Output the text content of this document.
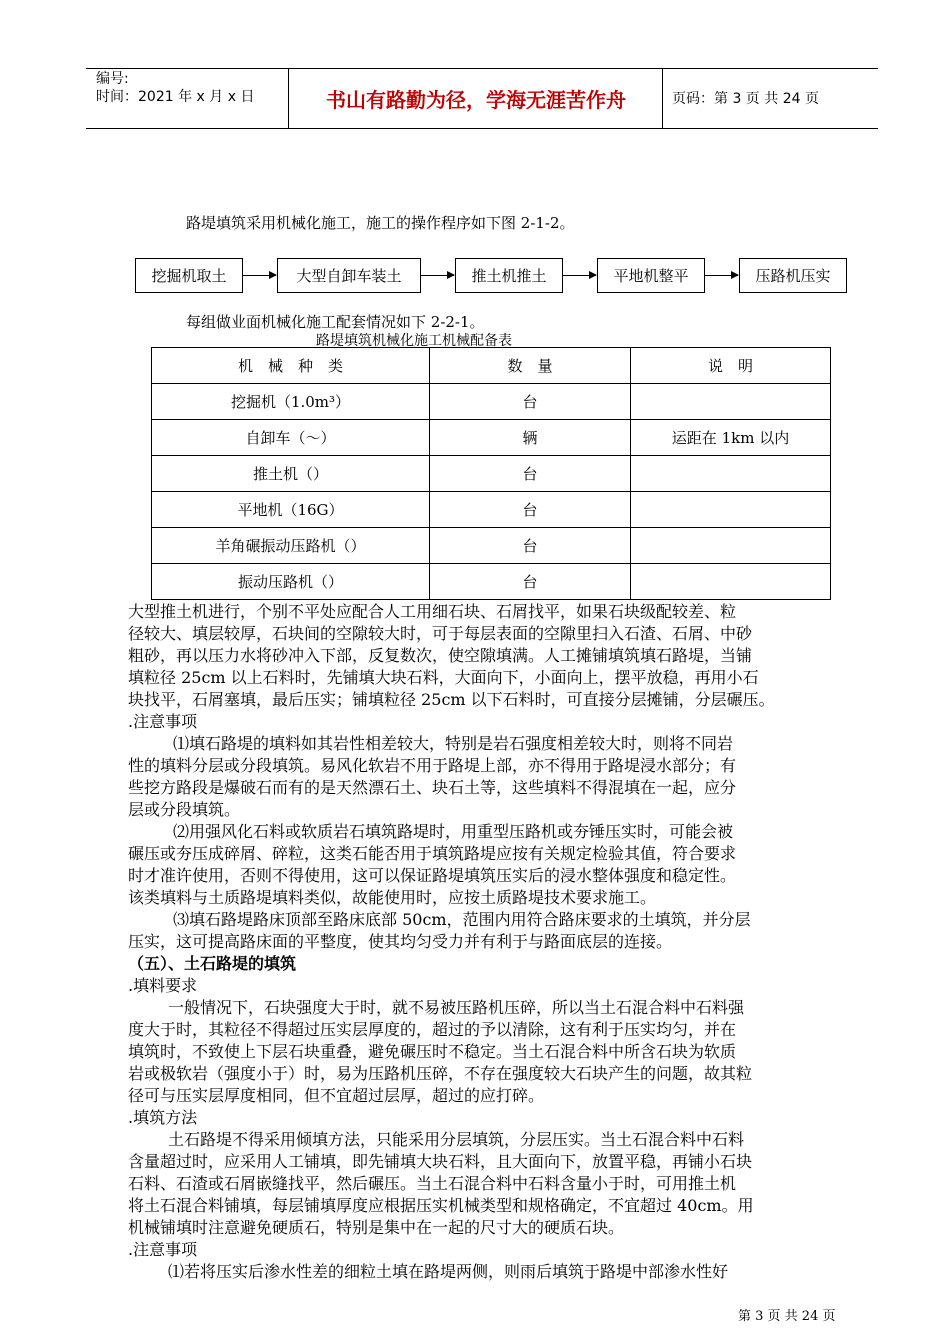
编号:
时间：2021 年 x 月 x 日	书山有路勤为径，学海无涯苦作舟	页码：第 3 页 共 24 页
路堤填筑采用机械化施工，施工的操作程序如下图 2-1-2。
挖掘机取土	大型自卸车装土	推土机推土	平地机整平	压路机压实
每组做业面机械化施工配套情况如下 2-2-1。
路堤填筑机械化施工机械配备表
机　械　种　类	数　量	说　明
挖掘机（1.0m³）	台	
自卸车（～）	辆	运距在 1km 以内
推土机（）	台	
平地机（16G）	台	
羊角碾振动压路机（）	台	
振动压路机（）	台	
大型推土机进行，个别不平处应配合人工用细石块、石屑找平，如果石块级配较差、粒
径较大、填层较厚，石块间的空隙较大时，可于每层表面的空隙里扫入石渣、石屑、中砂
粗砂，再以压力水将砂冲入下部，反复数次，使空隙填满。人工摊铺填筑填石路堤，当铺
填粒径 25cm 以上石料时，先铺填大块石料，大面向下，小面向上，摆平放稳，再用小石
块找平，石屑塞填，最后压实；铺填粒径 25cm 以下石料时，可直接分层摊铺，分层碾压。
.注意事项
⑴填石路堤的填料如其岩性相差较大，特别是岩石强度相差较大时，则将不同岩
性的填料分层或分段填筑。易风化软岩不用于路堤上部，亦不得用于路堤浸水部分；有
些挖方路段是爆破石而有的是天然漂石土、块石土等，这些填料不得混填在一起，应分
层或分段填筑。
⑵用强风化石料或软质岩石填筑路堤时，用重型压路机或夯锤压实时，可能会被
碾压或夯压成碎屑、碎粒，这类石能否用于填筑路堤应按有关规定检验其值，符合要求
时才准许使用，否则不得使用，这可以保证路堤填筑压实后的浸水整体强度和稳定性。
该类填料与土质路堤填料类似，故能使用时，应按土质路堤技术要求施工。
⑶填石路堤路床顶部至路床底部 50cm，范围内用符合路床要求的土填筑，并分层
压实，这可提高路床面的平整度，使其均匀受力并有利于与路面底层的连接。
（五）、土石路堤的填筑
.填料要求
一般情况下，石块强度大于时，就不易被压路机压碎，所以当土石混合料中石料强
度大于时，其粒径不得超过压实层厚度的，超过的予以清除，这有利于压实均匀，并在
填筑时，不致使上下层石块重叠，避免碾压时不稳定。当土石混合料中所含石块为软质
岩或极软岩（强度小于）时，易为压路机压碎，不存在强度较大石块产生的问题，故其粒
径可与压实层厚度相同，但不宜超过层厚，超过的应打碎。
.填筑方法
土石路堤不得采用倾填方法，只能采用分层填筑，分层压实。当土石混合料中石料
含量超过时，应采用人工铺填，即先铺填大块石料，且大面向下，放置平稳，再铺小石块
石料、石渣或石屑嵌缝找平，然后碾压。当土石混合料中石料含量小于时，可用推土机
将土石混合料铺填，每层铺填厚度应根据压实机械类型和规格确定，不宜超过 40cm。用
机械铺填时注意避免硬质石，特别是集中在一起的尺寸大的硬质石块。
.注意事项
⑴若将压实后渗水性差的细粒土填在路堤两侧，则雨后填筑于路堤中部渗水性好
第 3 页 共 24 页
